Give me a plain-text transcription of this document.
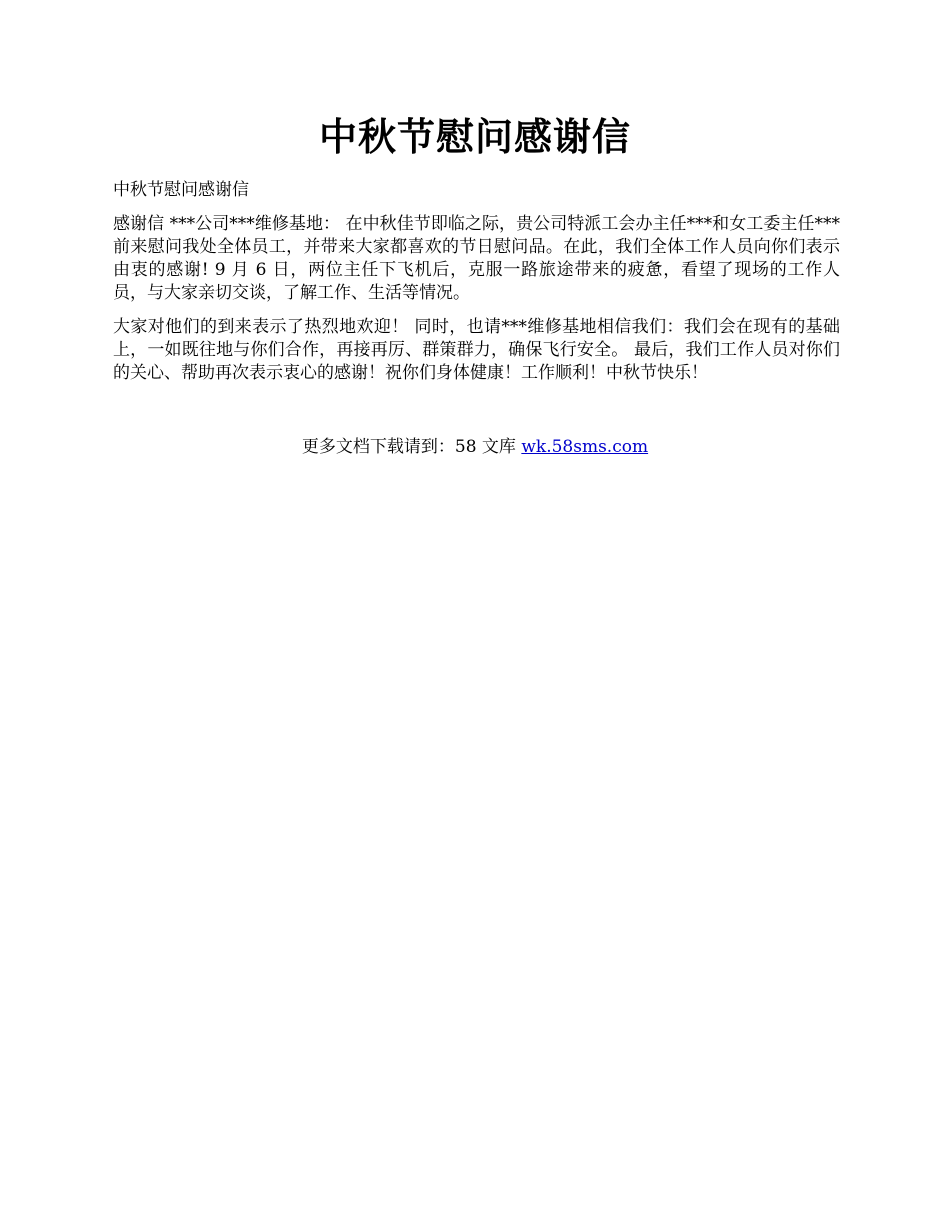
中秋节慰问感谢信

中秋节慰问感谢信

感谢信 ***公司***维修基地： 在中秋佳节即临之际，贵公司特派工会办主任***和女工委主任***前来慰问我处全体员工，并带来大家都喜欢的节日慰问品。在此，我们全体工作人员向你们表示由衷的感谢! 9 月 6 日，两位主任下飞机后，克服一路旅途带来的疲惫，看望了现场的工作人员，与大家亲切交谈，了解工作、生活等情况。

大家对他们的到来表示了热烈地欢迎！ 同时，也请***维修基地相信我们：我们会在现有的基础上，一如既往地与你们合作，再接再厉、群策群力，确保飞行安全。 最后，我们工作人员对你们的关心、帮助再次表示衷心的感谢！祝你们身体健康！工作顺利！中秋节快乐！

更多文档下载请到：58 文库 wk.58sms.com
